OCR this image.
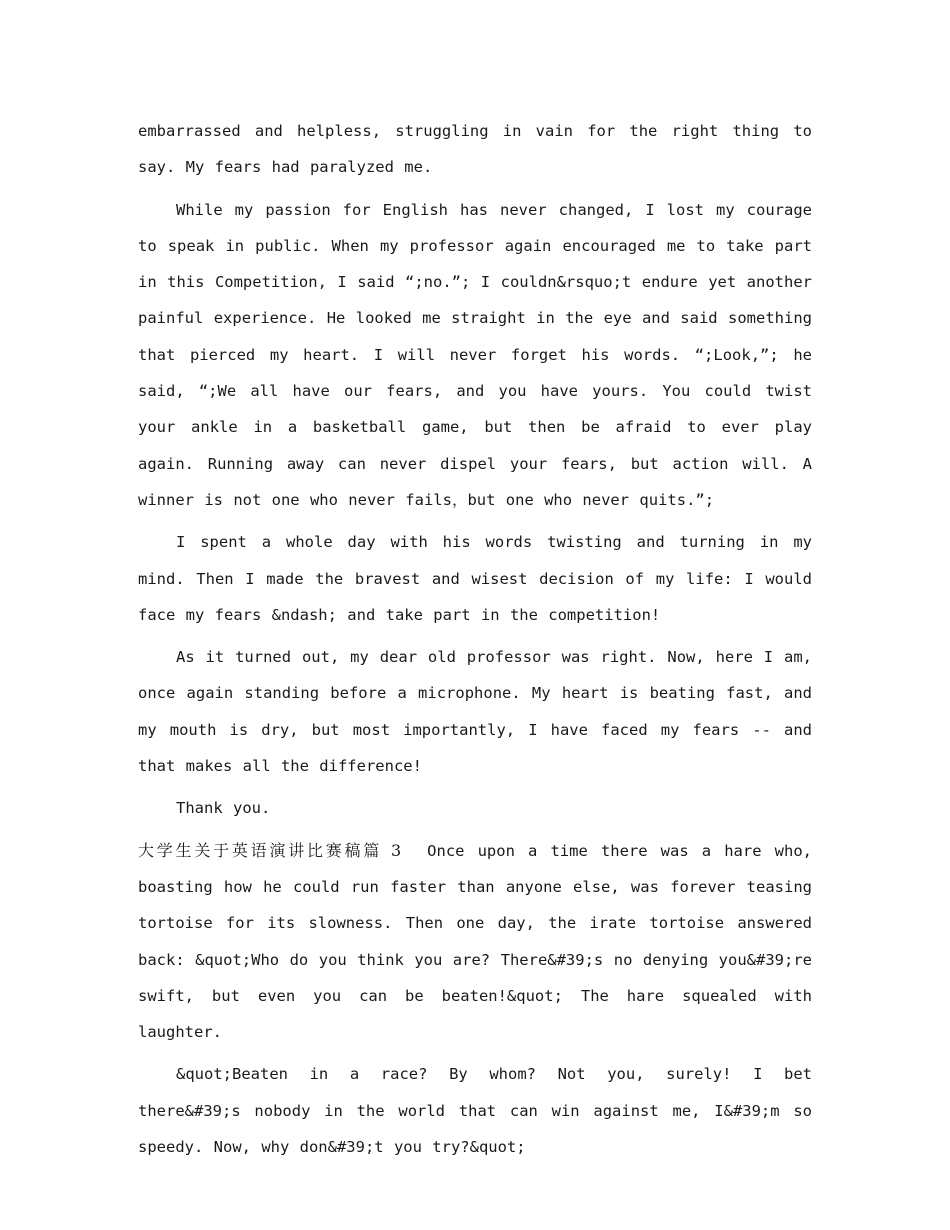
embarrassed and helpless, struggling in vain for the right thing to say. My fears had paralyzed me.

While my passion for English has never changed, I lost my courage to speak in public. When my professor again encouraged me to take part in this Competition, I said “;no.”; I couldn&rsquo;t endure yet another painful experience. He looked me straight in the eye and said something that pierced my heart. I will never forget his words. “;Look,”; he said, “;We all have our fears, and you have yours. You could twist your ankle in a basketball game, but then be afraid to ever play again. Running away can never dispel your fears, but action will. A winner is not one who never fails，but one who never quits.”;

I spent a whole day with his words twisting and turning in my mind. Then I made the bravest and wisest decision of my life: I would face my fears &ndash; and take part in the competition!

As it turned out, my dear old professor was right. Now, here I am, once again standing before a microphone. My heart is beating fast, and my mouth is dry, but most importantly, I have faced my fears -- and that makes all the difference!

Thank you.

大学生关于英语演讲比赛稿篇 3 Once upon a time there was a hare who, boasting how he could run faster than anyone else, was forever teasing tortoise for its slowness. Then one day, the irate tortoise answered back: &quot;Who do you think you are? There&#39;s no denying you&#39;re swift, but even you can be beaten!&quot; The hare squealed with laughter.

&quot;Beaten in a race? By whom? Not you, surely! I bet there&#39;s nobody in the world that can win against me, I&#39;m so speedy. Now, why don&#39;t you try?&quot;
